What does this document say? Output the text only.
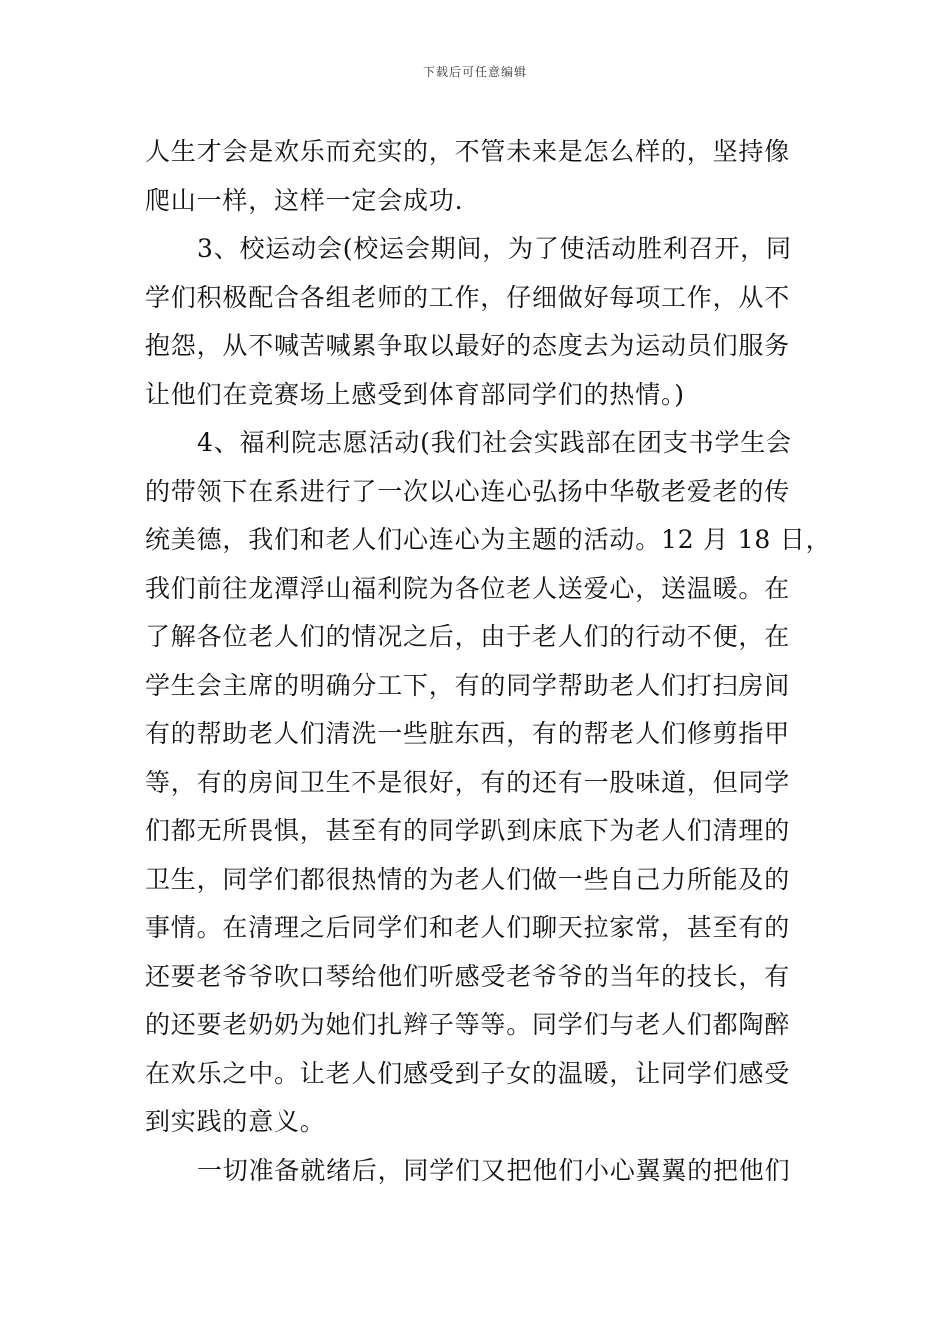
下载后可任意编辑
人生才会是欢乐而充实的，不管未来是怎么样的，坚持像
爬山一样，这样一定会成功.
3、校运动会(校运会期间，为了使活动胜利召开，同
学们积极配合各组老师的工作，仔细做好每项工作，从不
抱怨，从不喊苦喊累争取以最好的态度去为运动员们服务
让他们在竞赛场上感受到体育部同学们的热情。)
4、福利院志愿活动(我们社会实践部在团支书学生会
的带领下在系进行了一次以心连心弘扬中华敬老爱老的传
统美德，我们和老人们心连心为主题的活动。12 月 18 日，
我们前往龙潭浮山福利院为各位老人送爱心，送温暖。在
了解各位老人们的情况之后，由于老人们的行动不便，在
学生会主席的明确分工下，有的同学帮助老人们打扫房间
有的帮助老人们清洗一些脏东西，有的帮老人们修剪指甲
等，有的房间卫生不是很好，有的还有一股味道，但同学
们都无所畏惧，甚至有的同学趴到床底下为老人们清理的
卫生，同学们都很热情的为老人们做一些自己力所能及的
事情。在清理之后同学们和老人们聊天拉家常，甚至有的
还要老爷爷吹口琴给他们听感受老爷爷的当年的技长，有
的还要老奶奶为她们扎辫子等等。同学们与老人们都陶醉
在欢乐之中。让老人们感受到子女的温暖，让同学们感受
到实践的意义。
一切准备就绪后，同学们又把他们小心翼翼的把他们
